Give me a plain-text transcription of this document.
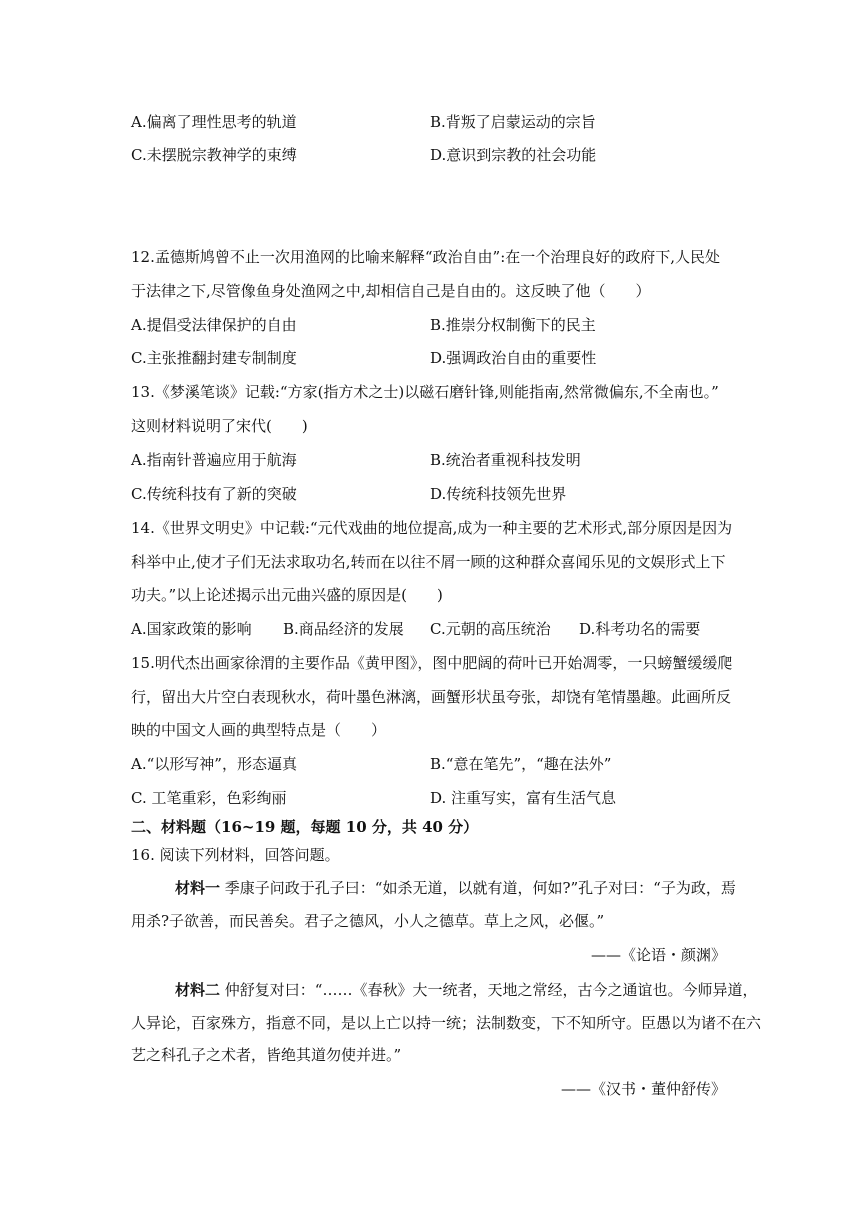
A.偏离了理性思考的轨道	B.背叛了启蒙运动的宗旨
C.未摆脱宗教神学的束缚	D.意识到宗教的社会功能
12.孟德斯鸠曾不止一次用渔网的比喻来解释“政治自由”:在一个治理良好的政府下,人民处
于法律之下,尽管像鱼身处渔网之中,却相信自己是自由的。这反映了他（　　）
A.提倡受法律保护的自由	B.推崇分权制衡下的民主
C.主张推翻封建专制制度	D.强调政治自由的重要性
13.《梦溪笔谈》记载:“方家(指方术之士)以磁石磨针锋,则能指南,然常微偏东,不全南也。”
这则材料说明了宋代(　　)
A.指南针普遍应用于航海	B.统治者重视科技发明
C.传统科技有了新的突破	D.传统科技领先世界
14.《世界文明史》中记载:“元代戏曲的地位提高,成为一种主要的艺术形式,部分原因是因为
科举中止,使才子们无法求取功名,转而在以往不屑一顾的这种群众喜闻乐见的文娱形式上下
功夫。”以上论述揭示出元曲兴盛的原因是(　　)
A.国家政策的影响 B.商品经济的发展 C.元朝的高压统治 D.科考功名的需要
15.明代杰出画家徐渭的主要作品《黄甲图》，图中肥阔的荷叶已开始凋零，一只螃蟹缓缓爬
行，留出大片空白表现秋水，荷叶墨色淋漓，画蟹形状虽夸张，却饶有笔情墨趣。此画所反
映的中国文人画的典型特点是（　　）
A.“以形写神”，形态逼真	B.“意在笔先”，“趣在法外”
C. 工笔重彩，色彩绚丽	D. 注重写实，富有生活气息
二、材料题（16~19 题，每题 10 分，共 40 分）
16. 阅读下列材料，回答问题。
材料一 季康子问政于孔子曰：“如杀无道，以就有道，何如?”孔子对曰：“子为政，焉
用杀?子欲善，而民善矣。君子之德风，小人之德草。草上之风，必偃。”
——《论语・颜渊》
材料二 仲舒复对曰：“……《春秋》大一统者，天地之常经，古今之通谊也。今师异道，
人异论，百家殊方，指意不同，是以上亡以持一统；法制数变，下不知所守。臣愚以为诸不在六
艺之科孔子之术者，皆绝其道勿使并进。”
——《汉书・董仲舒传》
